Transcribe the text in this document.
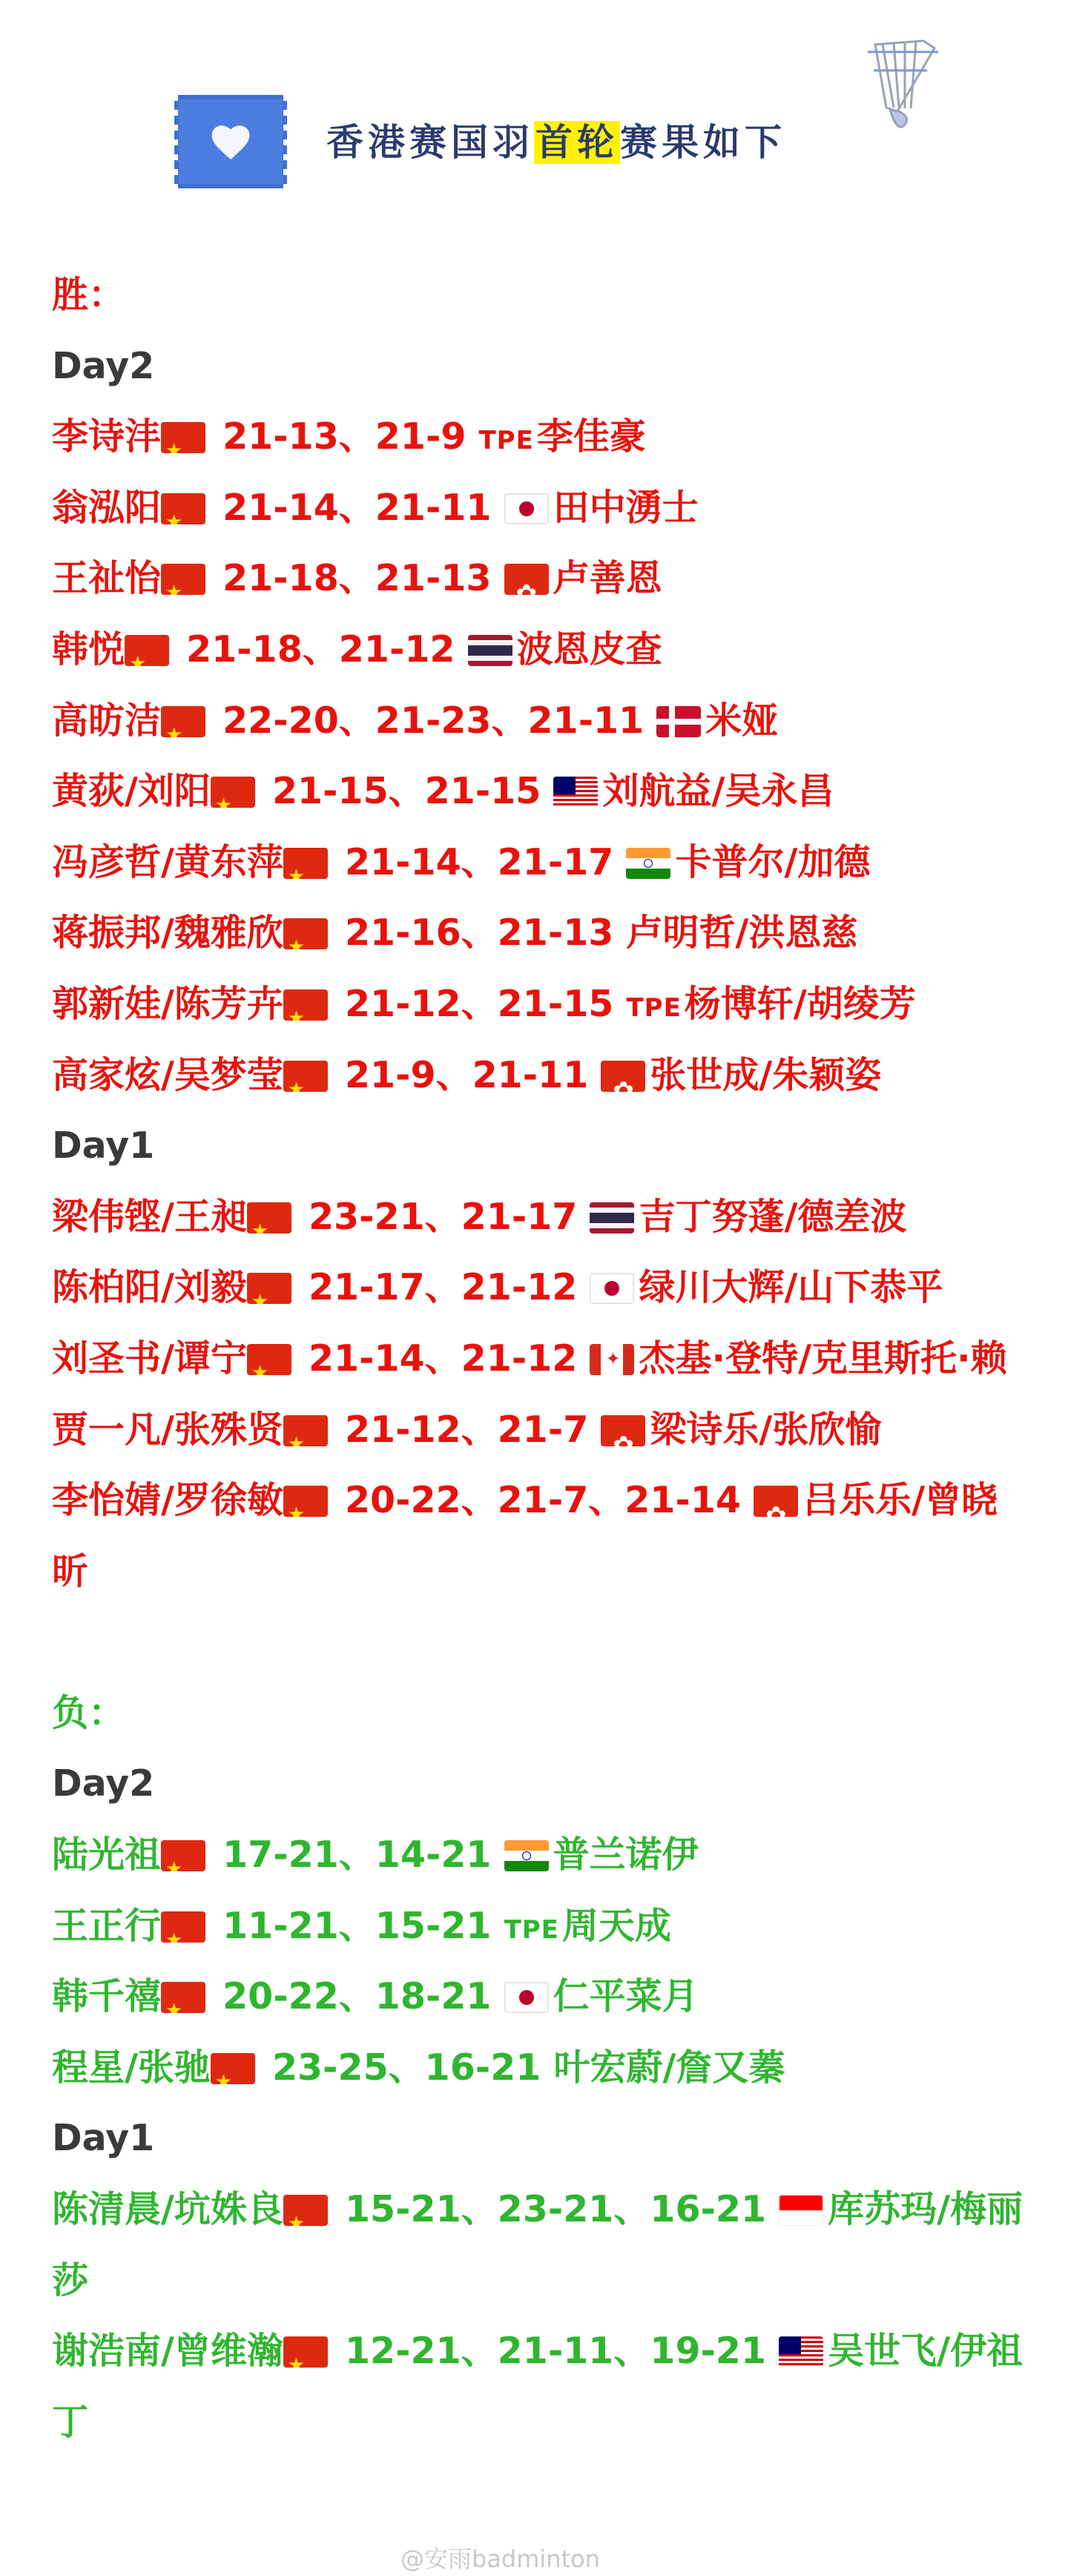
香港赛国羽首轮赛果如下
胜：
Day2
李诗沣★ 21-13、21-9 TPE李佳豪
翁泓阳★ 21-14、21-11 田中湧士
王祉怡★ 21-18、21-13 ✿卢善恩
韩悦★ 21-18、21-12 波恩皮查
高昉洁★ 22-20、21-23、21-11 米娅
黄荻/刘阳★ 21-15、21-15 刘航益/吴永昌
冯彦哲/黄东萍★ 21-14、21-17 卡普尔/加德
蒋振邦/魏雅欣★ 21-16、21-13 卢明哲/洪恩慈
郭新娃/陈芳卉★ 21-12、21-15 TPE杨博轩/胡绫芳
高家炫/吴梦莹★ 21-9、21-11 ✿张世成/朱颖姿
Day1
梁伟铿/王昶★ 23-21、21-17 吉丁努蓬/德差波
陈柏阳/刘毅★ 21-17、21-12 绿川大辉/山下恭平
刘圣书/谭宁★ 21-14、21-12 ✦杰基·登特/克里斯托·赖
贾一凡/张殊贤★ 21-12、21-7 ✿梁诗乐/张欣愉
李怡婧/罗徐敏★ 20-22、21-7、21-14 ✿吕乐乐/曾晓昕
负：
Day2
陆光祖★ 17-21、14-21 普兰诺伊
王正行★ 11-21、15-21 TPE周天成
韩千禧★ 20-22、18-21 仁平菜月
程星/张驰★ 23-25、16-21 叶宏蔚/詹又蓁
Day1
陈清晨/坑姝良★ 15-21、23-21、16-21 库苏玛/梅丽莎
谢浩南/曾维瀚★ 12-21、21-11、19-21 吴世飞/伊祖丁
@安雨badminton
